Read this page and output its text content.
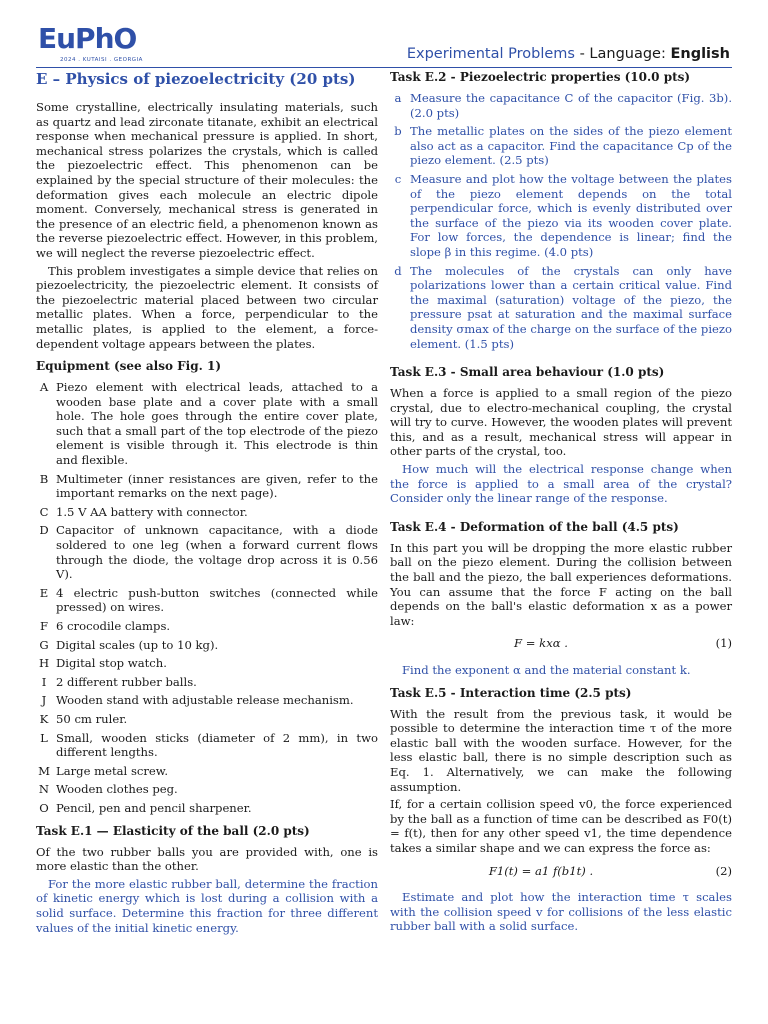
EuPhO
2024 . KUTAISI . GEORGIA	Experimental Problems - Language: English
E – Physics of piezoelectricity (20 pts)

Some crystalline, electrically insulating materials, such as quartz and lead zirconate titanate, exhibit an electrical response when mechanical pressure is applied. In short, mechanical stress polarizes the crystals, which is called the piezoelectric effect. This phenomenon can be explained by the special structure of their molecules: the deformation gives each molecule an electric dipole moment. Conversely, mechanical stress is generated in the presence of an electric field, a phenomenon known as the reverse piezoelectric effect. However, in this problem, we will neglect the reverse piezoelectric effect.

This problem investigates a simple device that relies on piezoelectricity, the piezoelectric element. It consists of the piezoelectric material placed between two circular metallic plates. When a force, perpendicular to the metallic plates, is applied to the element, a force-dependent voltage appears between the plates.

Equipment (see also Fig. 1)
A Piezo element with electrical leads, attached to a wooden base plate and a cover plate with a small hole. The hole goes through the entire cover plate, such that a small part of the top electrode of the piezo element is visible through it. This electrode is thin and flexible.
B Multimeter (inner resistances are given, refer to the important remarks on the next page).
C 1.5 V AA battery with connector.
D Capacitor of unknown capacitance, with a diode soldered to one leg (when a forward current flows through the diode, the voltage drop across it is 0.56 V).
E 4 electric push-button switches (connected while pressed) on wires.
F 6 crocodile clamps.
G Digital scales (up to 10 kg).
H Digital stop watch.
I 2 different rubber balls.
J Wooden stand with adjustable release mechanism.
K 50 cm ruler.
L Small, wooden sticks (diameter of 2 mm), in two different lengths.
M Large metal screw.
N Wooden clothes peg.
O Pencil, pen and pencil sharpener.
Task E.1 — Elasticity of the ball (2.0 pts)

Of the two rubber balls you are provided with, one is more elastic than the other.

For the more elastic rubber ball, determine the fraction of kinetic energy which is lost during a collision with a solid surface. Determine this fraction for three different values of the initial kinetic energy.

Task E.2 - Piezoelectric properties (10.0 pts)
a Measure the capacitance C of the capacitor (Fig. 3b). (2.0 pts)
b The metallic plates on the sides of the piezo element also act as a capacitor. Find the capacitance Cp of the piezo element. (2.5 pts)
c Measure and plot how the voltage between the plates of the piezo element depends on the total perpendicular force, which is evenly distributed over the surface of the piezo via its wooden cover plate. For low forces, the dependence is linear; find the slope β in this regime. (4.0 pts)
d The molecules of the crystals can only have polarizations lower than a certain critical value. Find the maximal (saturation) voltage of the piezo, the pressure psat at saturation and the maximal surface density σmax of the charge on the surface of the piezo element. (1.5 pts)
Task E.3 - Small area behaviour (1.0 pts)

When a force is applied to a small region of the piezo crystal, due to electro-mechanical coupling, the crystal will try to curve. However, the wooden plates will prevent this, and as a result, mechanical stress will appear in other parts of the crystal, too.

How much will the electrical response change when the force is applied to a small area of the crystal? Consider only the linear range of the response.

Task E.4 - Deformation of the ball (4.5 pts)

In this part you will be dropping the more elastic rubber ball on the piezo element. During the collision between the ball and the piezo, the ball experiences deformations. You can assume that the force F acting on the ball depends on the ball's elastic deformation x as a power law:

F = kxα .	(1)

Find the exponent α and the material constant k.

Task E.5 - Interaction time (2.5 pts)

With the result from the previous task, it would be possible to determine the interaction time τ of the more elastic ball with the wooden surface. However, for the less elastic ball, there is no simple description such as Eq. 1. Alternatively, we can make the following assumption.

If, for a certain collision speed v0, the force experienced by the ball as a function of time can be described as F0(t) = f(t), then for any other speed v1, the time dependence takes a similar shape and we can express the force as:

F1(t) = a1 f(b1t) .	(2)

Estimate and plot how the interaction time τ scales with the collision speed v for collisions of the less elastic rubber ball with a solid surface.
